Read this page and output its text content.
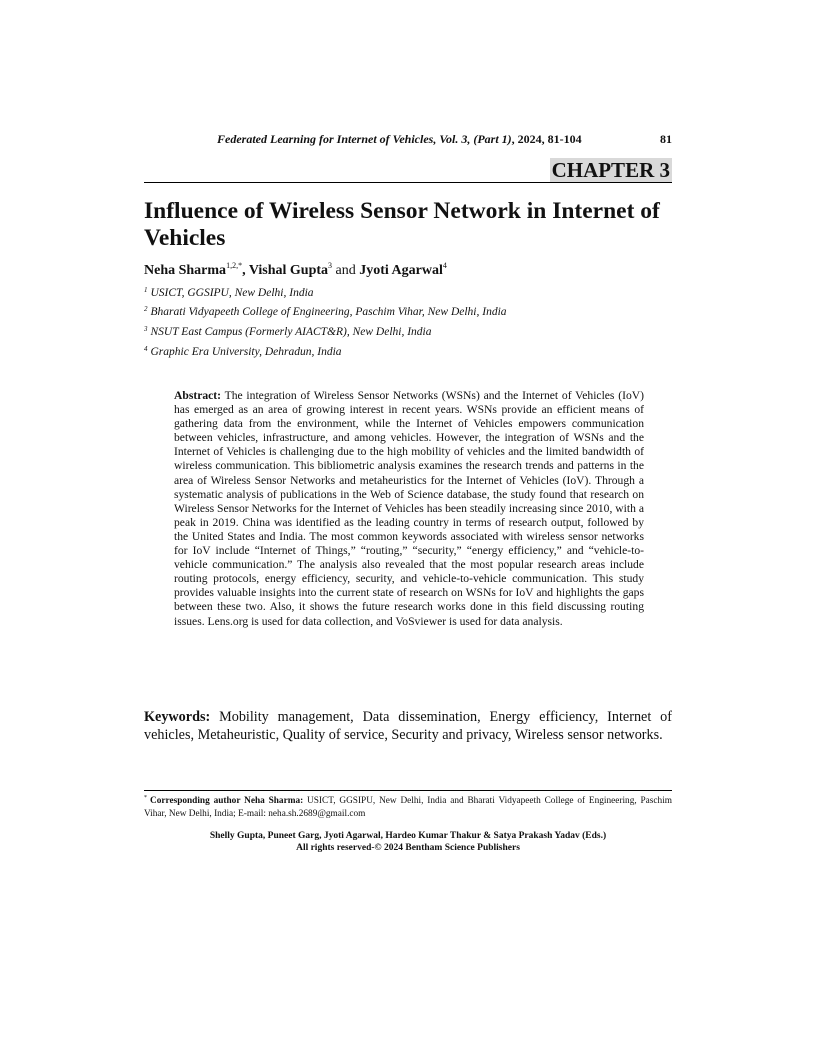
Federated Learning for Internet of Vehicles, Vol. 3, (Part 1), 2024, 81-104	81
CHAPTER 3
Influence of Wireless Sensor Network in Internet of Vehicles
Neha Sharma$^{1,2,*}$, Vishal Gupta$^3$ and Jyoti Agarwal$^4$
$^1$ USICT, GGSIPU, New Delhi, India
$^2$ Bharati Vidyapeeth College of Engineering, Paschim Vihar, New Delhi, India
$^3$ NSUT East Campus (Formerly AIACT&R), New Delhi, India
$^4$ Graphic Era University, Dehradun, India

Abstract: The integration of Wireless Sensor Networks (WSNs) and the Internet of Vehicles (IoV) has emerged as an area of growing interest in recent years. WSNs provide an efficient means of gathering data from the environment, while the Internet of Vehicles empowers communication between vehicles, infrastructure, and among vehicles. However, the integration of WSNs and the Internet of Vehicles is challenging due to the high mobility of vehicles and the limited bandwidth of wireless communication. This bibliometric analysis examines the research trends and patterns in the area of Wireless Sensor Networks and metaheuristics for the Internet of Vehicles (IoV). Through a systematic analysis of publications in the Web of Science database, the study found that research on Wireless Sensor Networks for the Internet of Vehicles has been steadily increasing since 2010, with a peak in 2019. China was identified as the leading country in terms of research output, followed by the United States and India. The most common keywords associated with wireless sensor networks for IoV include “Internet of Things,” “routing,” “security,” “energy efficiency,” and “vehicle-to-vehicle communication.” The analysis also revealed that the most popular research areas include routing protocols, energy efficiency, security, and vehicle-to-vehicle communication. This study provides valuable insights into the current state of research on WSNs for IoV and highlights the gaps between these two. Also, it shows the future research works done in this field discussing routing issues. Lens.org is used for data collection, and VoSviewer is used for data analysis.

Keywords: Mobility management, Data dissemination, Energy efficiency, Internet of vehicles, Metaheuristic, Quality of service, Security and privacy, Wireless sensor networks.

* Corresponding author Neha Sharma: USICT, GGSIPU, New Delhi, India and Bharati Vidyapeeth College of Engineering, Paschim Vihar, New Delhi, India; E-mail: neha.sh.2689@gmail.com

Shelly Gupta, Puneet Garg, Jyoti Agarwal, Hardeo Kumar Thakur & Satya Prakash Yadav (Eds.)
All rights reserved-© 2024 Bentham Science Publishers
